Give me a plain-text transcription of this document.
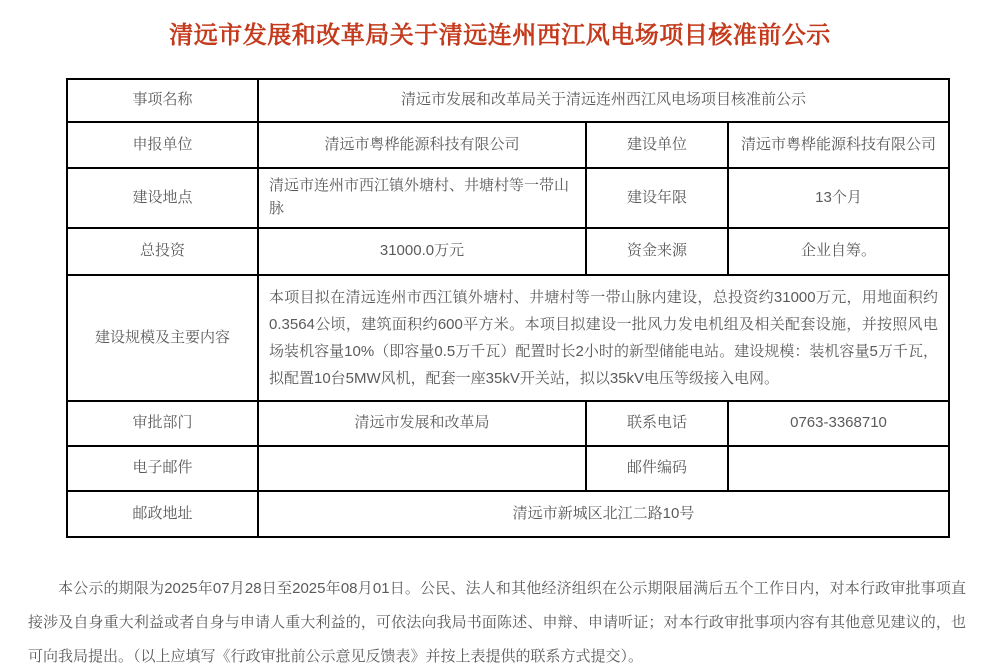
清远市发展和改革局关于清远连州西江风电场项目核准前公示
事项名称	清远市发展和改革局关于清远连州西江风电场项目核准前公示		
申报单位	清远市粤桦能源科技有限公司	建设单位	清远市粤桦能源科技有限公司
建设地点	清远市连州市西江镇外塘村、井塘村等一带山脉	建设年限	13个月
总投资	31000.0万元	资金来源	企业自筹。
建设规模及主要内容	本项目拟在清远连州市西江镇外塘村、井塘村等一带山脉内建设，总投资约31000万元，用地面积约0.3564公顷，建筑面积约600平方米。本项目拟建设一批风力发电机组及相关配套设施，并按照风电场装机容量10%（即容量0.5万千瓦）配置时长2小时的新型储能电站。建设规模：装机容量5万千瓦，拟配置10台5MW风机，配套一座35kV开关站，拟以35kV电压等级接入电网。		
审批部门	清远市发展和改革局	联系电话	0763-3368710
电子邮件		邮件编码	
邮政地址	清远市新城区北江二路10号		

本公示的期限为2025年07月28日至2025年08月01日。公民、法人和其他经济组织在公示期限届满后五个工作日内，对本行政审批事项直接涉及自身重大利益或者自身与申请人重大利益的，可依法向我局书面陈述、申辩、申请听证；对本行政审批事项内容有其他意见建议的，也可向我局提出。（以上应填写《行政审批前公示意见反馈表》并按上表提供的联系方式提交）。
